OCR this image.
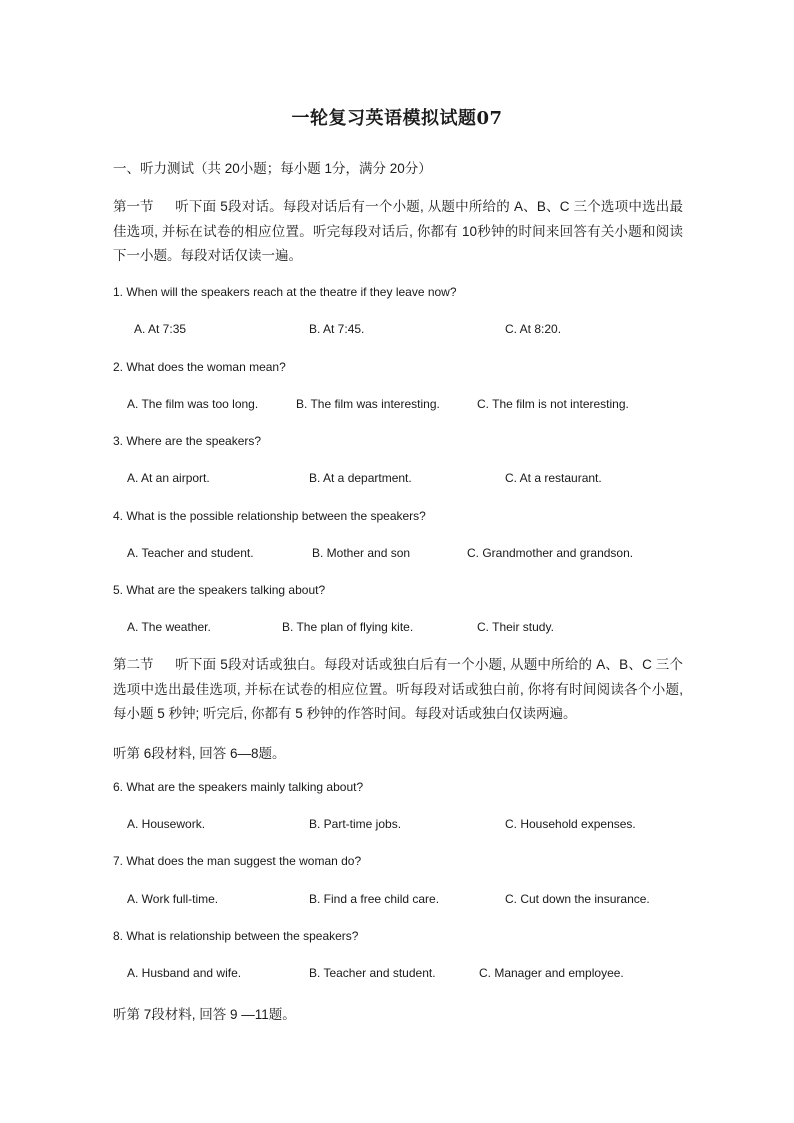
一轮复习英语模拟试题07
一、听力测试（共 20小题；每小题 1分，满分 20分）
第一节 听下面 5段对话。每段对话后有一个小题, 从题中所给的 A、B、C 三个选项中选出最佳选项, 并标在试卷的相应位置。听完每段对话后, 你都有 10秒钟的时间来回答有关小题和阅读下一小题。每段对话仅读一遍。
1. When will the speakers reach at the theatre if they leave now?
A. At 7:35	B. At 7:45.	C. At 8:20.
2. What does the woman mean?
A. The film was too long.	B. The film was interesting.	C. The film is not interesting.
3. Where are the speakers?
A. At an airport.	B. At a department.	C. At a restaurant.
4. What is the possible relationship between the speakers?
A. Teacher and student.	B. Mother and son	C. Grandmother and grandson.
5. What are the speakers talking about?
A. The weather.	B. The plan of flying kite.	C. Their study.
第二节 听下面 5段对话或独白。每段对话或独白后有一个小题, 从题中所给的 A、B、C 三个选项中选出最佳选项, 并标在试卷的相应位置。听每段对话或独白前, 你将有时间阅读各个小题, 每小题 5 秒钟; 听完后, 你都有 5 秒钟的作答时间。每段对话或独白仅读两遍。
听第 6段材料, 回答 6—8题。
6. What are the speakers mainly talking about?
A. Housework.	B. Part-time jobs.	C. Household expenses.
7. What does the man suggest the woman do?
A. Work full-time.	B. Find a free child care.	C. Cut down the insurance.
8. What is relationship between the speakers?
A. Husband and wife.	B. Teacher and student.	C. Manager and employee.
听第 7段材料, 回答 9 —11题。
